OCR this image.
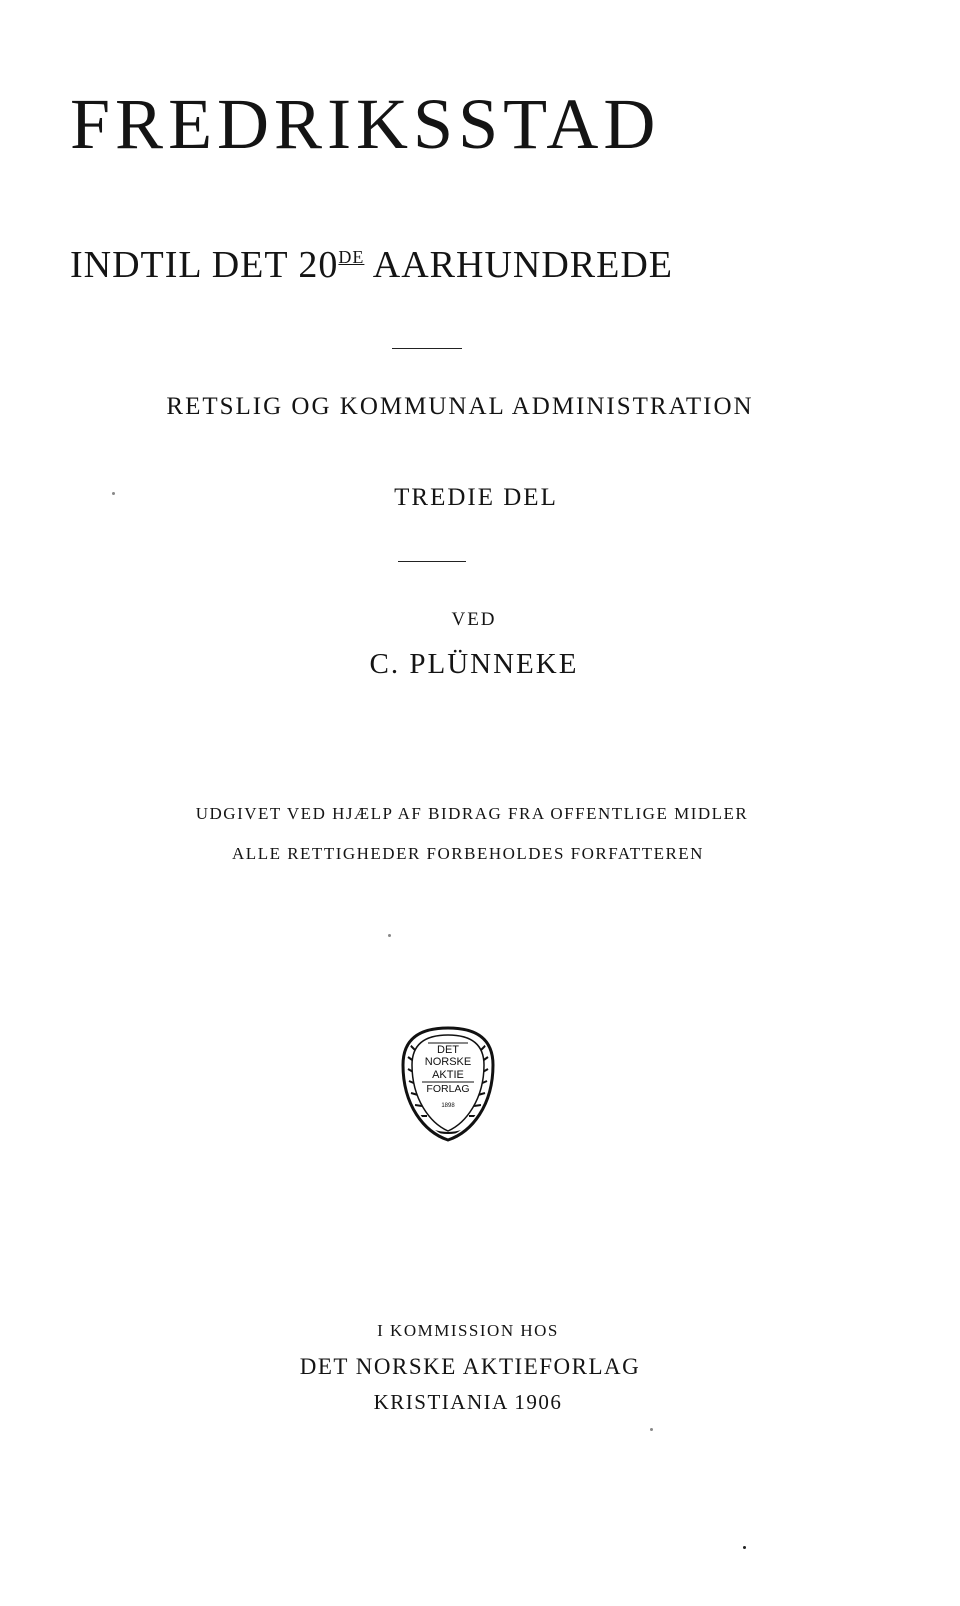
FREDRIKSSTAD
INDTIL DET 20DE AARHUNDREDE
RETSLIG OG KOMMUNAL ADMINISTRATION
TREDIE DEL
VED
C. PLÜNNEKE
UDGIVET VED HJÆLP AF BIDRAG FRA OFFENTLIGE MIDLER
ALLE RETTIGHEDER FORBEHOLDES FORFATTEREN
DET
NORSKE
AKTIE
FORLAG
1898
I KOMMISSION HOS
DET NORSKE AKTIEFORLAG
KRISTIANIA 1906
